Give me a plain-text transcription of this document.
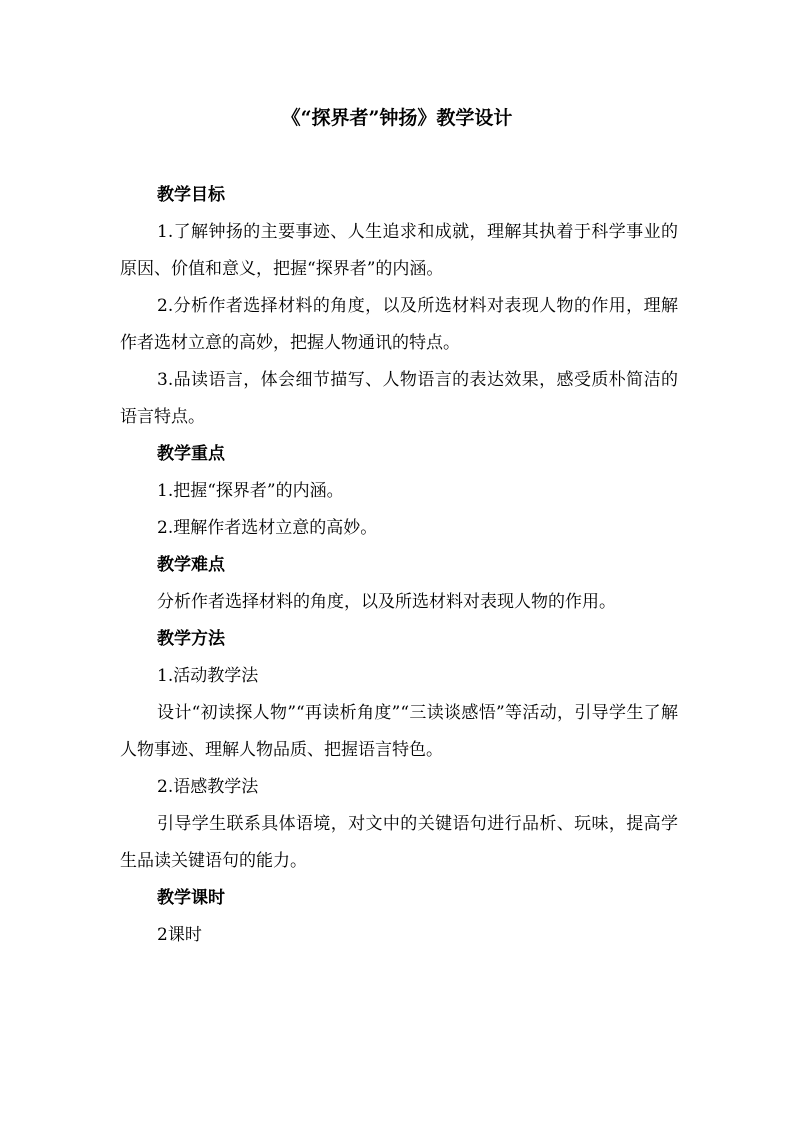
《“探界者”钟扬》教学设计

教学目标

1.了解钟扬的主要事迹、人生追求和成就，理解其执着于科学事业的原因、价值和意义，把握“探界者”的内涵。

2.分析作者选择材料的角度，以及所选材料对表现人物的作用，理解作者选材立意的高妙，把握人物通讯的特点。

3.品读语言，体会细节描写、人物语言的表达效果，感受质朴简洁的语言特点。

教学重点

1.把握“探界者”的内涵。

2.理解作者选材立意的高妙。

教学难点

分析作者选择材料的角度，以及所选材料对表现人物的作用。

教学方法

1.活动教学法

设计“初读探人物”“再读析角度”“三读谈感悟”等活动，引导学生了解人物事迹、理解人物品质、把握语言特色。

2.语感教学法

引导学生联系具体语境，对文中的关键语句进行品析、玩味，提高学生品读关键语句的能力。

教学课时

2课时
